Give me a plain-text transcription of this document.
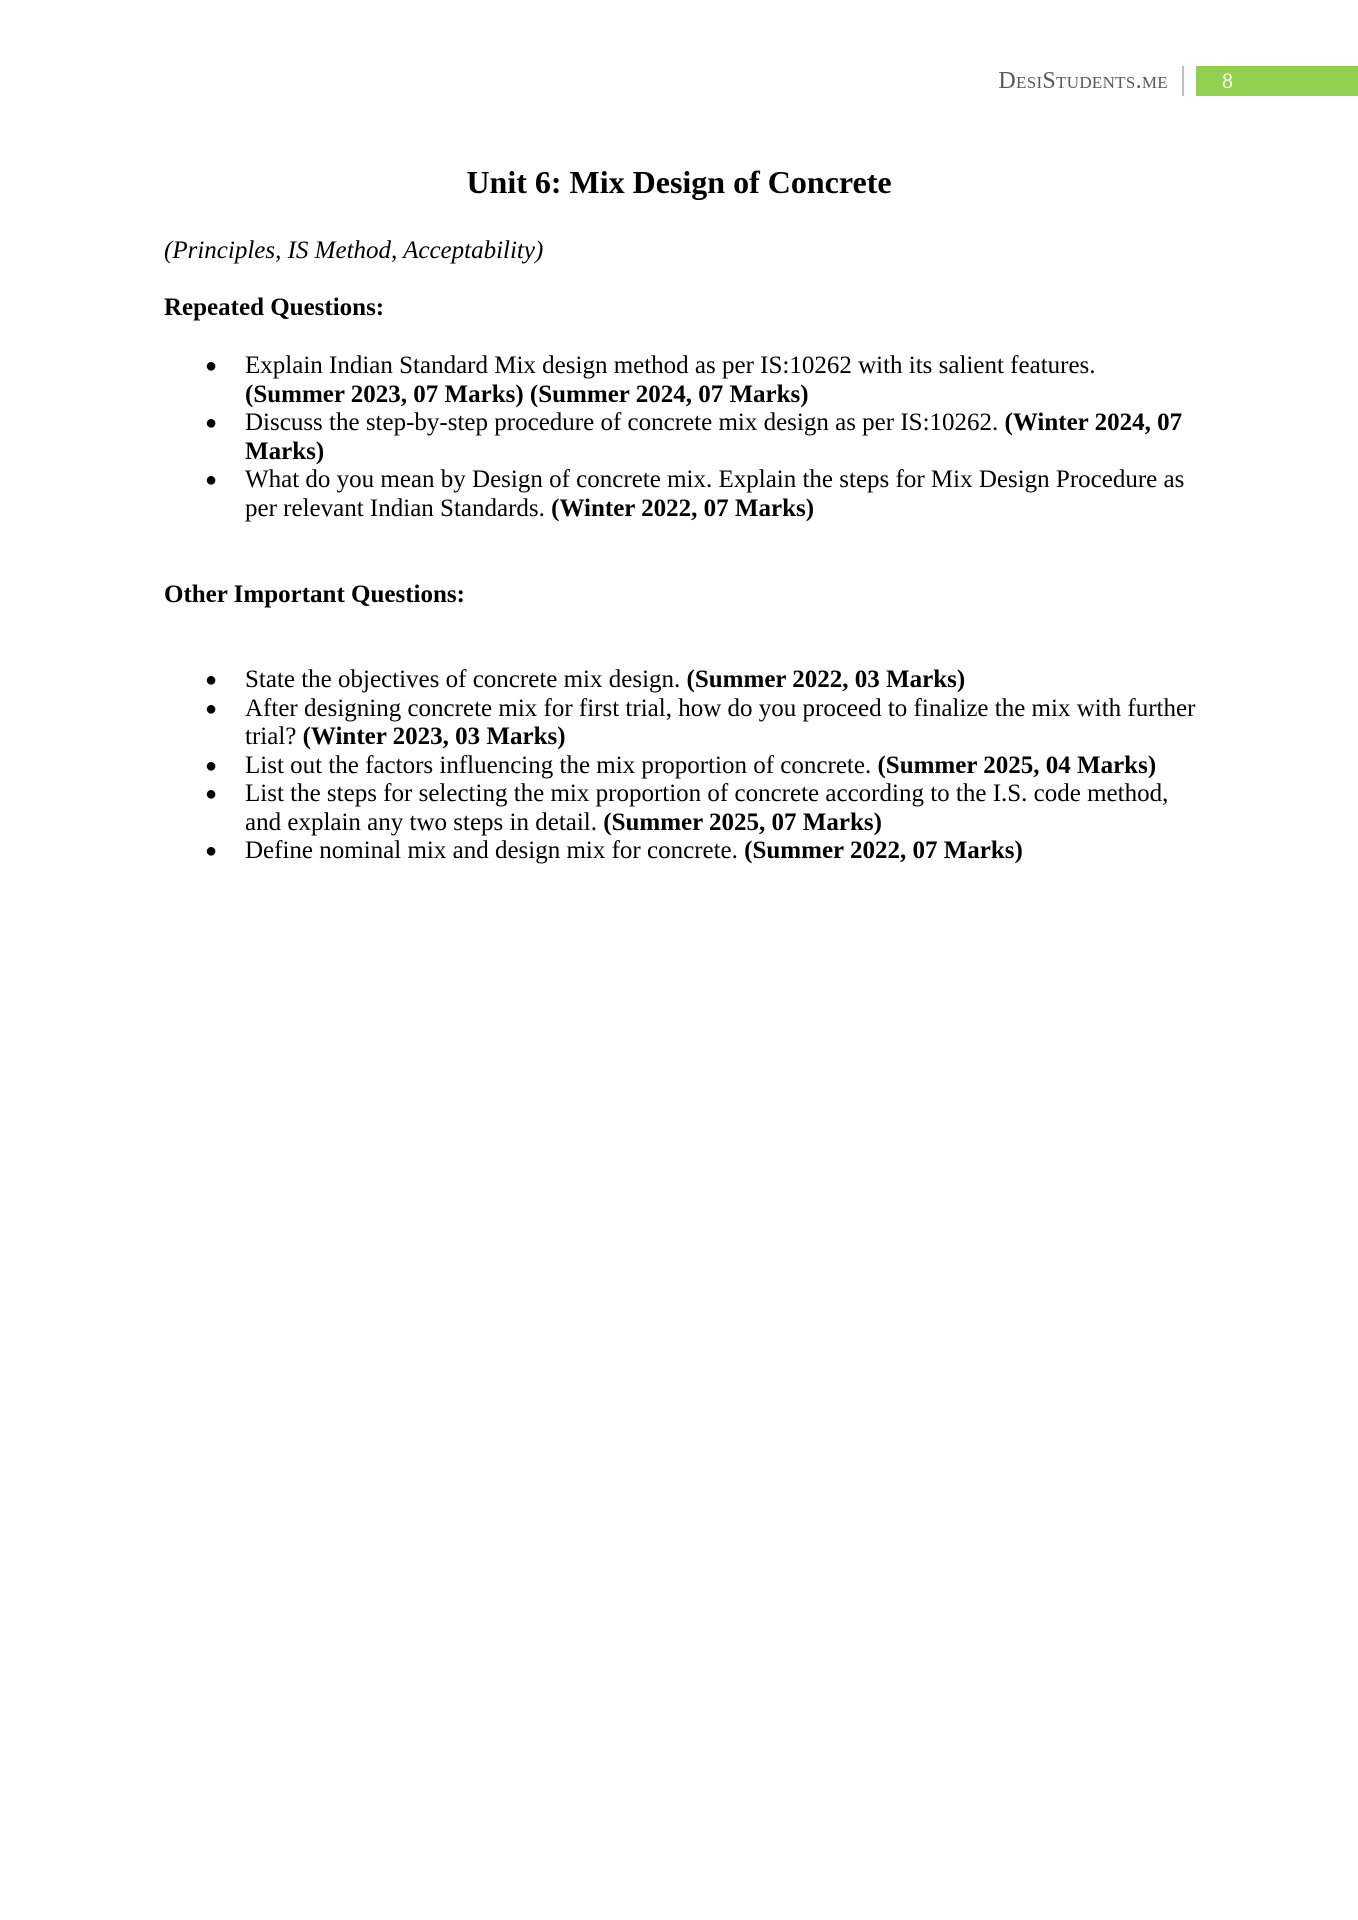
DesiStudents.me	8
Unit 6: Mix Design of Concrete

(Principles, IS Method, Acceptability)

Repeated Questions:
● Explain Indian Standard Mix design method as per IS:10262 with its salient features. (Summer 2023, 07 Marks) (Summer 2024, 07 Marks)
● Discuss the step-by-step procedure of concrete mix design as per IS:10262. (Winter 2024, 07 Marks)
● What do you mean by Design of concrete mix. Explain the steps for Mix Design Procedure as per relevant Indian Standards. (Winter 2022, 07 Marks)
Other Important Questions:
● State the objectives of concrete mix design. (Summer 2022, 03 Marks)
● After designing concrete mix for first trial, how do you proceed to finalize the mix with further trial? (Winter 2023, 03 Marks)
● List out the factors influencing the mix proportion of concrete. (Summer 2025, 04 Marks)
● List the steps for selecting the mix proportion of concrete according to the I.S. code method, and explain any two steps in detail. (Summer 2025, 07 Marks)
● Define nominal mix and design mix for concrete. (Summer 2022, 07 Marks)
